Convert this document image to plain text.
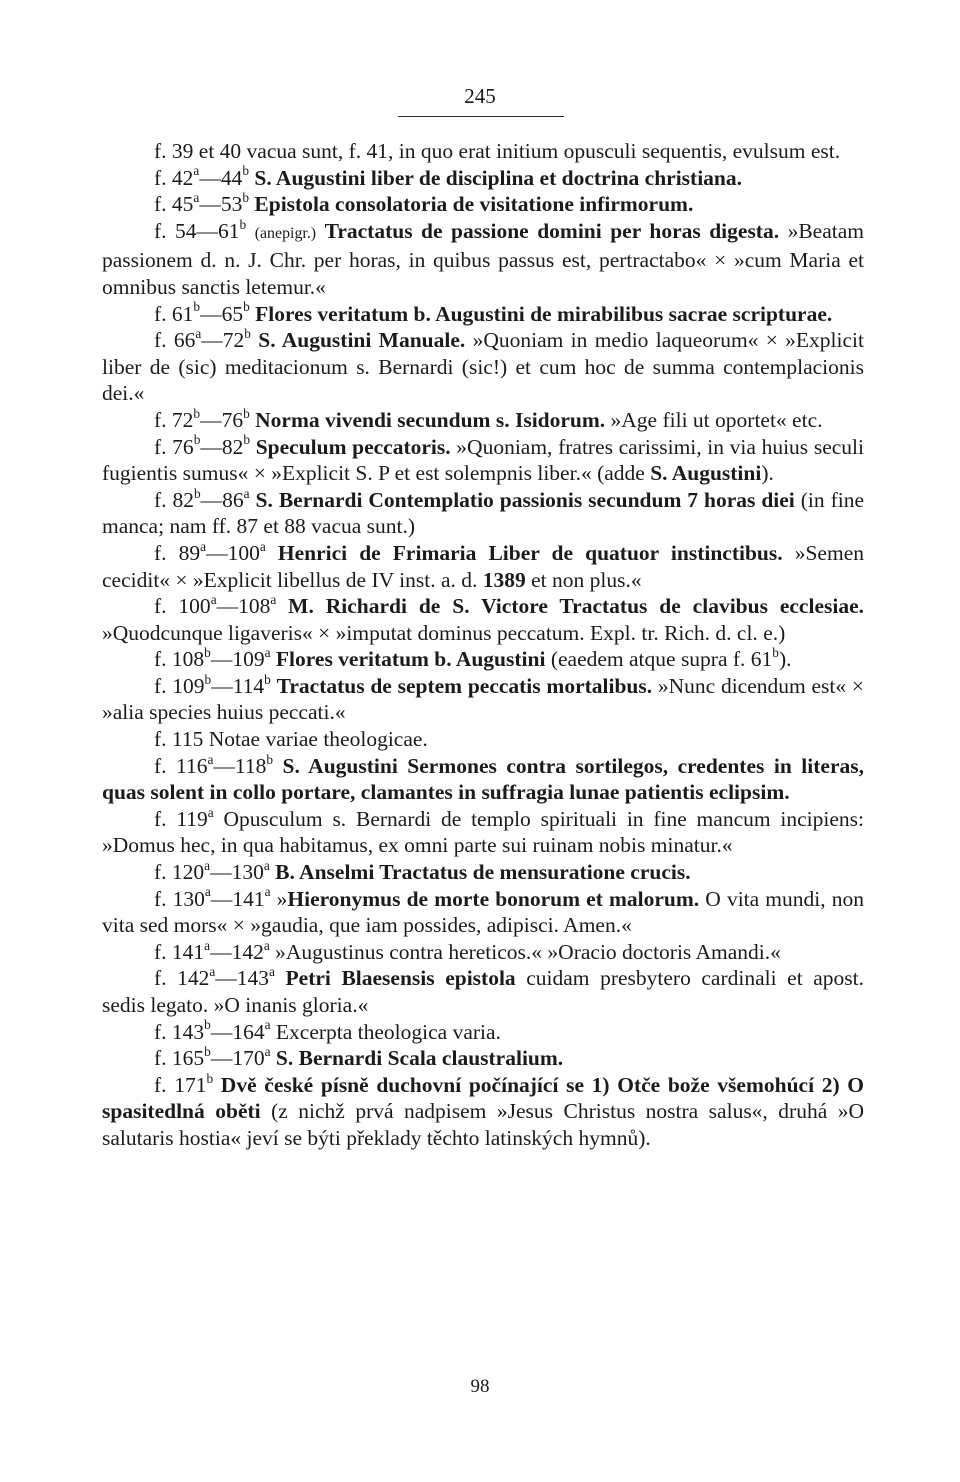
245

f. 39 et 40 vacua sunt, f. 41, in quo erat initium opusculi sequentis, evulsum est.

f. 42$^a$—44$^b$ S. Augustini liber de disciplina et doctrina christiana.

f. 45$^a$—53$^b$ Epistola consolatoria de visitatione infirmorum.

f. 54—61$^b$ (anepigr.) Tractatus de passione domini per horas digesta. »Beatam passionem d. n. J. Chr. per horas, in quibus passus est, pertractabo« × »cum Maria et omnibus sanctis letemur.«

f. 61$^b$—65$^b$ Flores veritatum b. Augustini de mirabilibus sacrae scripturae.

f. 66$^a$—72$^b$ S. Augustini Manuale. »Quoniam in medio laqueorum« × »Explicit liber de (sic) meditacionum s. Bernardi (sic!) et cum hoc de summa contemplacionis dei.«

f. 72$^b$—76$^b$ Norma vivendi secundum s. Isidorum. »Age fili ut oportet« etc.

f. 76$^b$—82$^b$ Speculum peccatoris. »Quoniam, fratres carissimi, in via huius seculi fugientis sumus« × »Explicit S. P et est solempnis liber.« (adde S. Augustini).

f. 82$^b$—86$^a$ S. Bernardi Contemplatio passionis secundum 7 horas diei (in fine manca; nam ff. 87 et 88 vacua sunt.)

f. 89$^a$—100$^a$ Henrici de Frimaria Liber de quatuor instinctibus. »Semen cecidit« × »Explicit libellus de IV inst. a. d. 1389 et non plus.«

f. 100$^a$—108$^a$ M. Richardi de S. Victore Tractatus de clavibus ecclesiae. »Quodcunque ligaveris« × »imputat dominus peccatum. Expl. tr. Rich. d. cl. e.)

f. 108$^b$—109$^a$ Flores veritatum b. Augustini (eaedem atque supra f. 61$^b$).

f. 109$^b$—114$^b$ Tractatus de septem peccatis mortalibus. »Nunc dicendum est« × »alia species huius peccati.«

f. 115 Notae variae theologicae.

f. 116$^a$—118$^b$ S. Augustini Sermones contra sortilegos, credentes in literas, quas solent in collo portare, clamantes in suffragia lunae patientis eclipsim.

f. 119$^a$ Opusculum s. Bernardi de templo spirituali in fine mancum incipiens: »Domus hec, in qua habitamus, ex omni parte sui ruinam nobis minatur.«

f. 120$^a$—130$^a$ B. Anselmi Tractatus de mensuratione crucis.

f. 130$^a$—141$^a$ »Hieronymus de morte bonorum et malorum. O vita mundi, non vita sed mors« × »gaudia, que iam possides, adipisci. Amen.«

f. 141$^a$—142$^a$ »Augustinus contra hereticos.« »Oracio doctoris Amandi.«

f. 142$^a$—143$^a$ Petri Blaesensis epistola cuidam presbytero cardinali et apost. sedis legato. »O inanis gloria.«

f. 143$^b$—164$^a$ Excerpta theologica varia.

f. 165$^b$—170$^a$ S. Bernardi Scala claustralium.

f. 171$^b$ Dvě české písně duchovní počínající se 1) Otče bože všemohúcí 2) O spasitedlná oběti (z nichž prvá nadpisem »Jesus Christus nostra salus«, druhá »O salutaris hostia« jeví se býti překlady těchto latinských hymnů).

98
